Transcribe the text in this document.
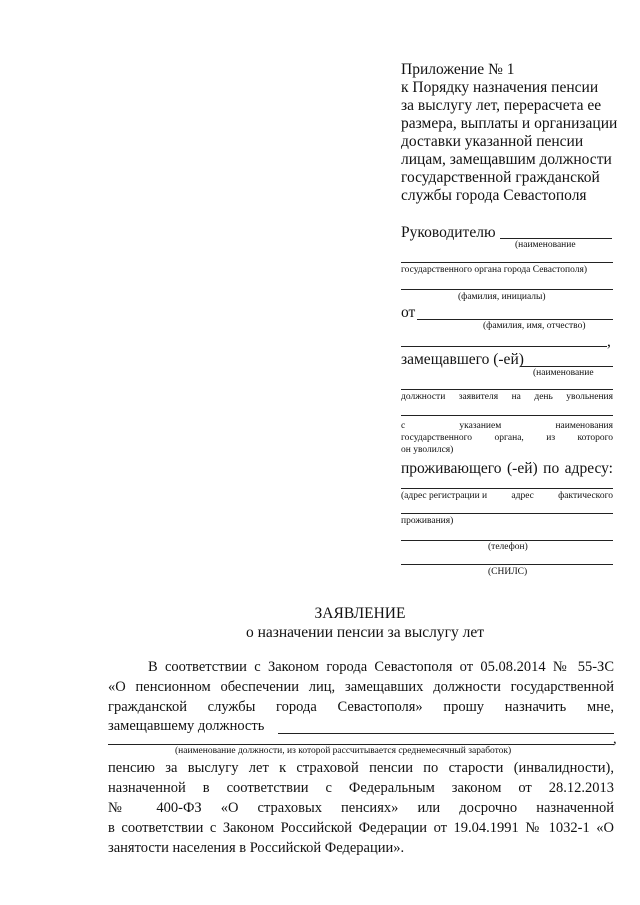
Приложение № 1
к Порядку назначения пенсии
за выслугу лет, перерасчета ее
размера, выплаты и организации
доставки указанной пенсии
лицам, замещавшим должности
государственной гражданской
службы города Севастополя
Руководителю
(наименование
государственного органа города Севастополя)
(фамилия, инициалы)
от
(фамилия, имя, отчество)
,
замещавшего (-ей)
(наименование
должности заявителя на день увольнения
с	указанием	наименования
государственного органа, из которого
он уволился)
проживающего (-ей) по адресу:
(адрес регистрации и	адрес	фактического
проживания)
(телефон)
(СНИЛС)
ЗАЯВЛЕНИЕ
о назначении пенсии за выслугу лет
В соответствии с Законом города Севастополя от 05.08.2014 № 55-ЗС
«О пенсионном обеспечении лиц, замещавших должности государственной
гражданской службы города Севастополя» прошу назначить мне,
замещавшему должность
,
(наименование должности, из которой рассчитывается среднемесячный заработок)
пенсию за выслугу лет к страховой пенсии по старости (инвалидности),
назначенной в соответствии с Федеральным законом от 28.12.2013
№ 400-ФЗ «О страховых пенсиях» или досрочно назначенной
в соответствии с Законом Российской Федерации от 19.04.1991 № 1032-1 «О
занятости населения в Российской Федерации».
